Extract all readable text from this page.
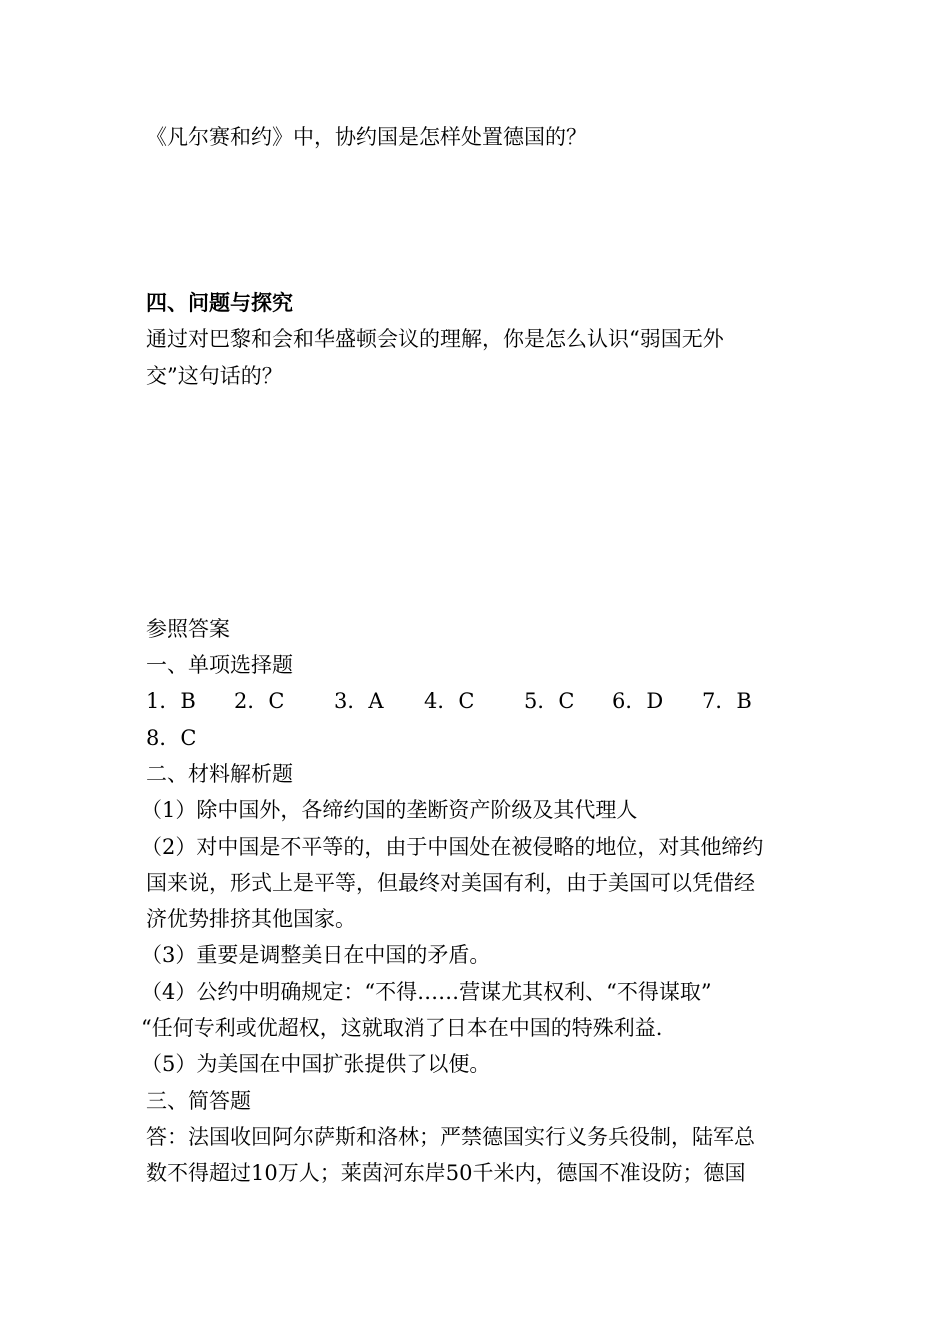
《凡尔赛和约》中，协约国是怎样处置德国的？
四、问题与探究
通过对巴黎和会和华盛顿会议的理解，你是怎么认识“弱国无外
交”这句话的？
参照答案
一、单项选择题
1．B 2．C 3．A 4．C 5．C 6．D 7．B
8．C
二、材料解析题
（1）除中国外，各缔约国的垄断资产阶级及其代理人
（2）对中国是不平等的，由于中国处在被侵略的地位，对其他缔约
国来说，形式上是平等，但最终对美国有利，由于美国可以凭借经
济优势排挤其他国家。
（3）重要是调整美日在中国的矛盾。
（4）公约中明确规定：“不得……营谋尤其权利、“不得谋取”
“任何专利或优超权，这就取消了日本在中国的特殊利益.
（5）为美国在中国扩张提供了以便。
三、简答题
答：法国收回阿尔萨斯和洛林；严禁德国实行义务兵役制，陆军总
数不得超过10万人；莱茵河东岸50千米内，德国不准设防；德国
